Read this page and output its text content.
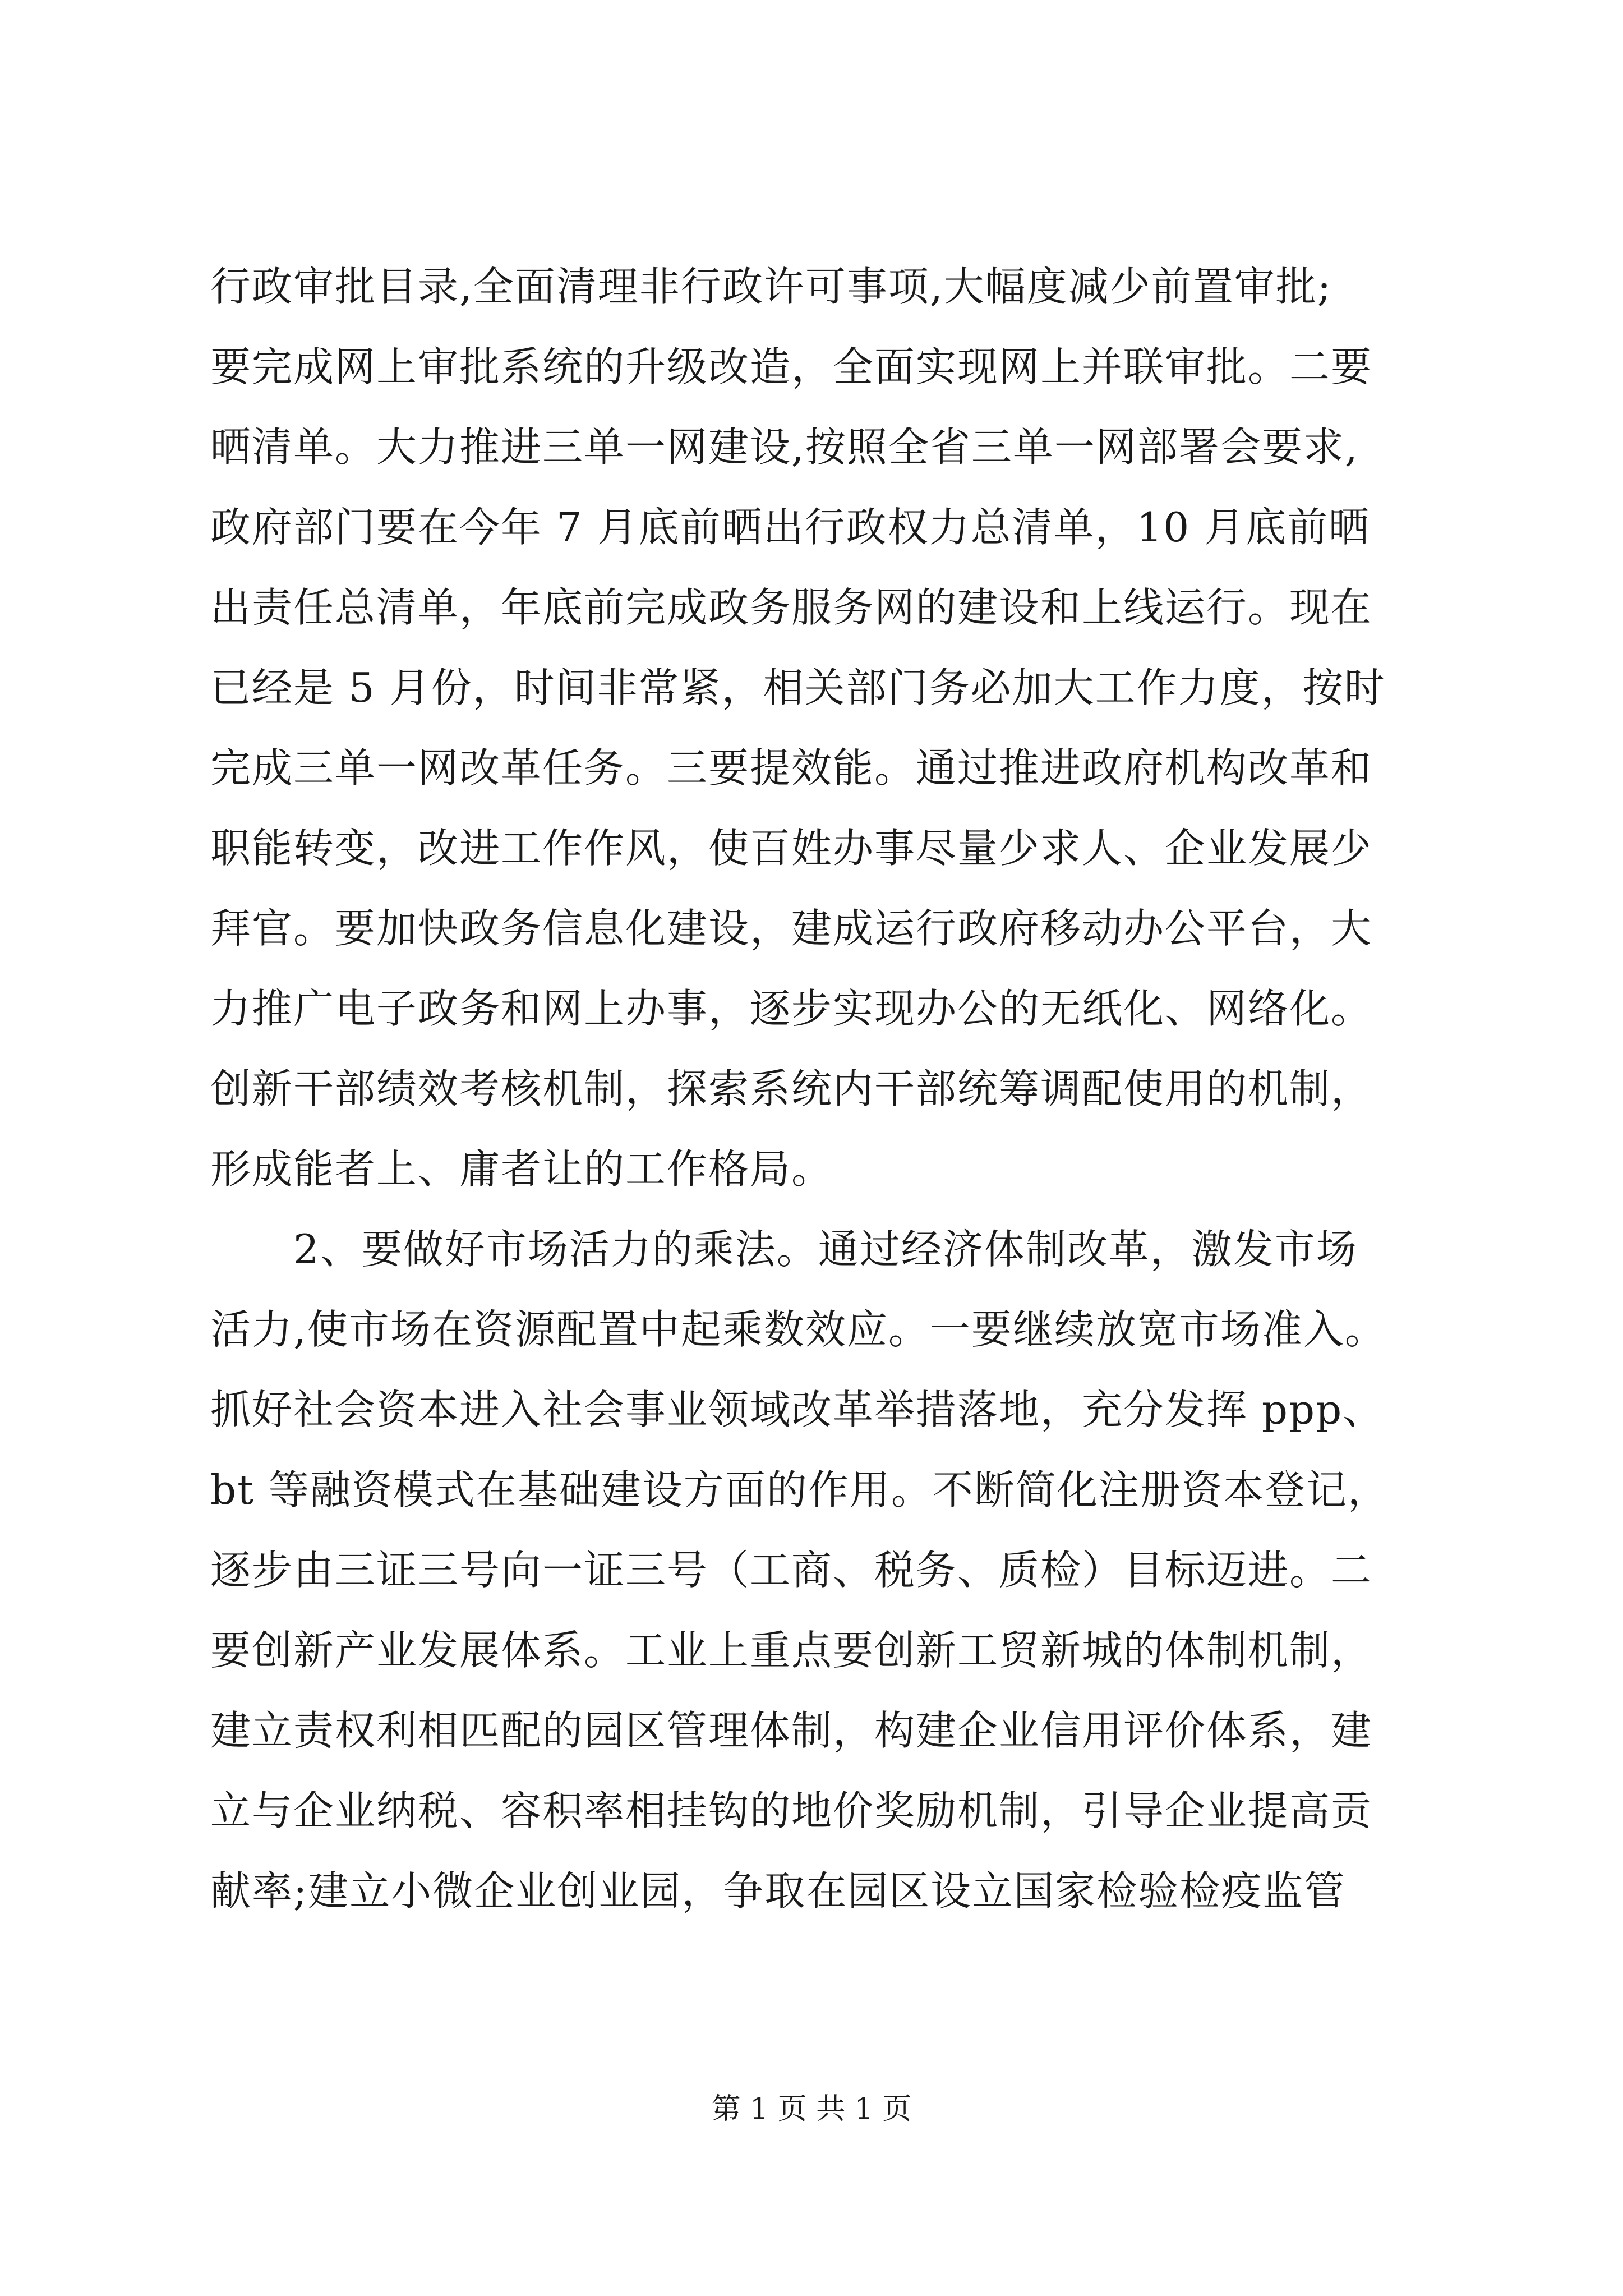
行政审批目录,全面清理非行政许可事项,大幅度减少前置审批;
要完成网上审批系统的升级改造，全面实现网上并联审批。二要
晒清单。大力推进三单一网建设,按照全省三单一网部署会要求,
政府部门要在今年 7 月底前晒出行政权力总清单，10 月底前晒
出责任总清单，年底前完成政务服务网的建设和上线运行。现在
已经是 5 月份，时间非常紧，相关部门务必加大工作力度，按时
完成三单一网改革任务。三要提效能。通过推进政府机构改革和
职能转变，改进工作作风，使百姓办事尽量少求人、企业发展少
拜官。要加快政务信息化建设，建成运行政府移动办公平台，大
力推广电子政务和网上办事，逐步实现办公的无纸化、网络化。
创新干部绩效考核机制，探索系统内干部统筹调配使用的机制，
形成能者上、庸者让的工作格局。
　　2、要做好市场活力的乘法。通过经济体制改革，激发市场
活力,使市场在资源配置中起乘数效应。一要继续放宽市场准入。
抓好社会资本进入社会事业领域改革举措落地，充分发挥 ppp、
bt 等融资模式在基础建设方面的作用。不断简化注册资本登记，
逐步由三证三号向一证三号（工商、税务、质检）目标迈进。二
要创新产业发展体系。工业上重点要创新工贸新城的体制机制，
建立责权利相匹配的园区管理体制，构建企业信用评价体系，建
立与企业纳税、容积率相挂钩的地价奖励机制，引导企业提高贡
献率;建立小微企业创业园，争取在园区设立国家检验检疫监管
第 1 页 共 1 页
